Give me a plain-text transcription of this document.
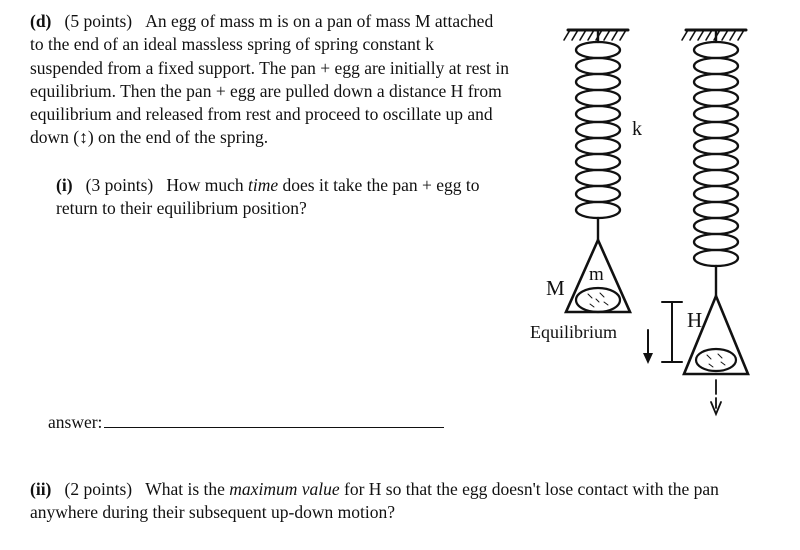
(d) (5 points) An egg of mass m is on a pan of mass M attached to the end of an ideal massless spring of spring constant k suspended from a fixed support. The pan + egg are initially at rest in equilibrium. Then the pan + egg are pulled down a distance H from equilibrium and released from rest and proceed to oscillate up and down (↕) on the end of the spring.
(i) (3 points) How much time does it take the pan + egg to return to their equilibrium position?
answer:
(ii) (2 points) What is the maximum value for H so that the egg doesn't lose contact with the pan anywhere during their subsequent up-down motion?
k
M
m
H
Equilibrium
